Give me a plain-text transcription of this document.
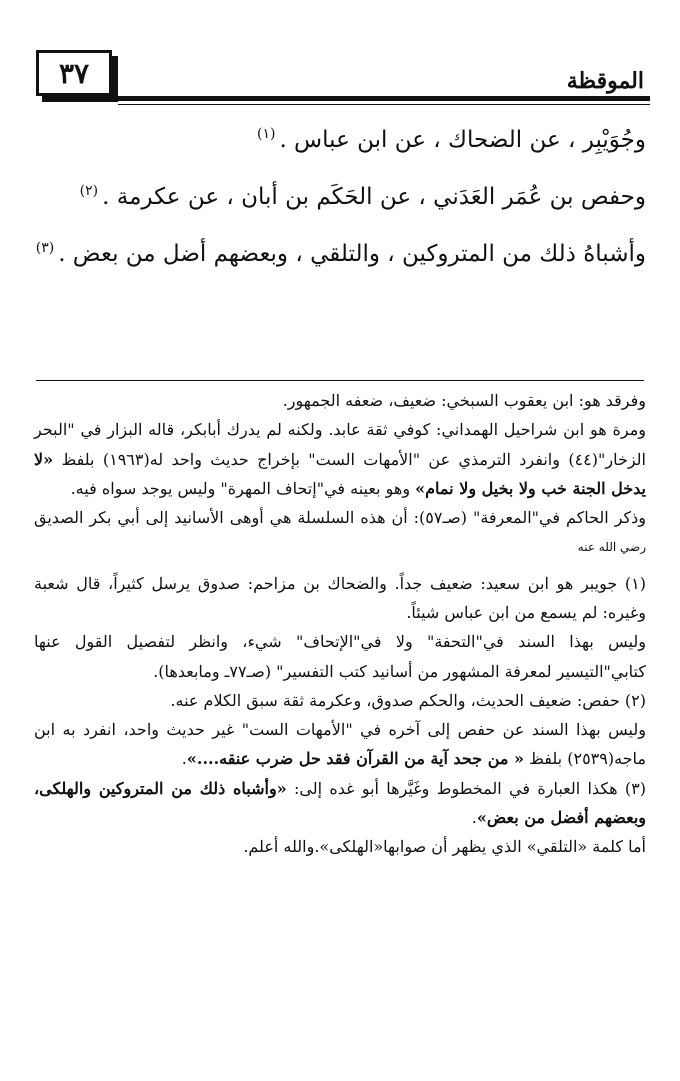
٣٧	الموقظة
وجُوَيْبِر ، عن الضحاك ، عن ابن عباس .$^{(١)}$
وحفص بن عُمَر العَدَني ، عن الحَكَم بن أبان ، عن عكرمة .$^{(٢)}$
وأشباهُ ذلك من المتروكين ، والتلقي ، وبعضهم أضل من بعض .$^{(٣)}$

وفرقد هو: ابن يعقوب السبخي: ضعيف، ضعفه الجمهور.

ومرة هو ابن شراحيل الهمداني: كوفي ثقة عابد. ولكنه لم يدرك أبابكر، قاله البزار في "البحر الزخار"(٤٤) وانفرد الترمذي عن "الأمهات الست" بإخراج حديث واحد له(١٩٦٣) بلفظ «لا يدخل الجنة خب ولا بخيل ولا نمام» وهو بعينه في"إتحاف المهرة" وليس يوجد سواه فيه.

وذكر الحاكم في"المعرفة" (صـ٥٧): أن هذه السلسلة هي أوهى الأسانيد إلى أبي بكر الصديق رضي الله عنه

(١) جويبر هو ابن سعيد: ضعيف جداً. والضحاك بن مزاحم: صدوق يرسل كثيراً، قال شعبة وغيره: لم يسمع من ابن عباس شيئاً.

وليس بهذا السند في"التحفة" ولا في"الإتحاف" شيء، وانظر لتفصيل القول عنها كتابي"التيسير لمعرفة المشهور من أسانيد كتب التفسير" (صـ٧٧ـ ومابعدها).

(٢) حفص: ضعيف الحديث، والحكم صدوق، وعكرمة ثقة سبق الكلام عنه.

وليس بهذا السند عن حفص إلى آخره في "الأمهات الست" غير حديث واحد، انفرد به ابن ماجه(٢٥٣٩) بلفظ « من جحد آية من القرآن فقد حل ضرب عنقه....».

(٣) هكذا العبارة في المخطوط وغَيَّرها أبو غده إلى: «وأشباه ذلك من المتروكين والهلكى، وبعضهم أفضل من بعض».

أما كلمة «التلقي» الذي يظهر أن صوابها«الهلكى».والله أعلم.
